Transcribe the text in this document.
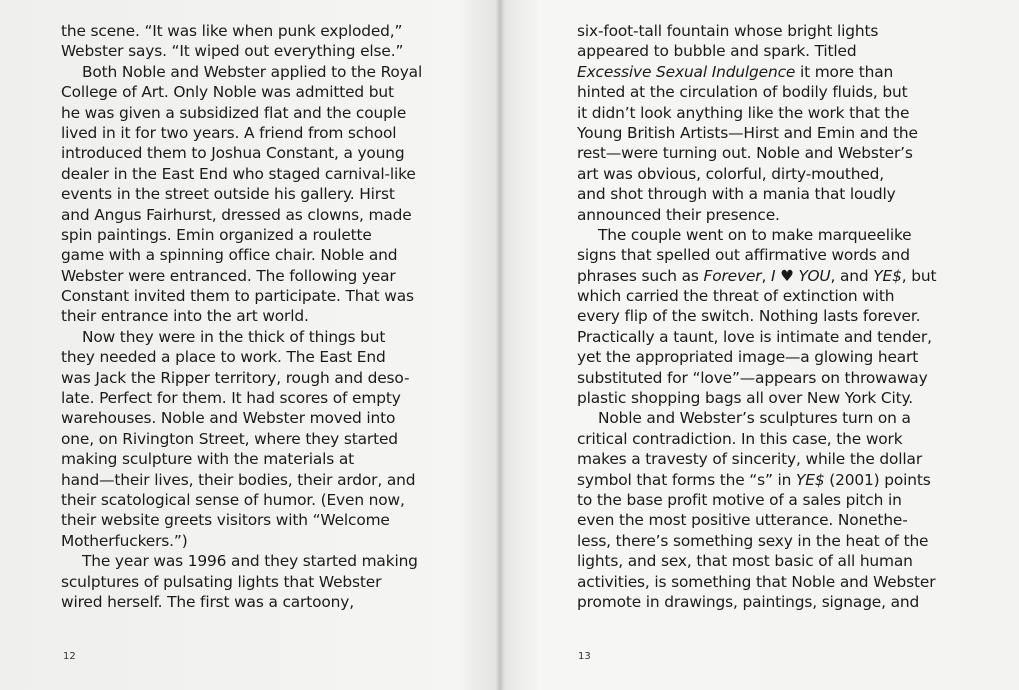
the scene. “It was like when punk exploded,”
Webster says. “It wiped out everything else.”
Both Noble and Webster applied to the Royal
College of Art. Only Noble was admitted but
he was given a subsidized flat and the couple
lived in it for two years. A friend from school
introduced them to Joshua Constant, a young
dealer in the East End who staged carnival-like
events in the street outside his gallery. Hirst
and Angus Fairhurst, dressed as clowns, made
spin paintings. Emin organized a roulette
game with a spinning office chair. Noble and
Webster were entranced. The following year
Constant invited them to participate. That was
their entrance into the art world.
Now they were in the thick of things but
they needed a place to work. The East End
was Jack the Ripper territory, rough and deso-
late. Perfect for them. It had scores of empty
warehouses. Noble and Webster moved into
one, on Rivington Street, where they started
making sculpture with the materials at
hand—their lives, their bodies, their ardor, and
their scatological sense of humor. (Even now,
their website greets visitors with “Welcome
Motherfuckers.”)
The year was 1996 and they started making
sculptures of pulsating lights that Webster
wired herself. The first was a cartoony,
12
six-foot-tall fountain whose bright lights
appeared to bubble and spark. Titled
Excessive Sexual Indulgence it more than
hinted at the circulation of bodily fluids, but
it didn’t look anything like the work that the
Young British Artists—Hirst and Emin and the
rest—were turning out. Noble and Webster’s
art was obvious, colorful, dirty-mouthed,
and shot through with a mania that loudly
announced their presence.
The couple went on to make marqueelike
signs that spelled out affirmative words and
phrases such as Forever, I ♥ YOU, and YE$, but
which carried the threat of extinction with
every flip of the switch. Nothing lasts forever.
Practically a taunt, love is intimate and tender,
yet the appropriated image—a glowing heart
substituted for “love”—appears on throwaway
plastic shopping bags all over New York City.
Noble and Webster’s sculptures turn on a
critical contradiction. In this case, the work
makes a travesty of sincerity, while the dollar
symbol that forms the “s” in YE$ (2001) points
to the base profit motive of a sales pitch in
even the most positive utterance. Nonethe-
less, there’s something sexy in the heat of the
lights, and sex, that most basic of all human
activities, is something that Noble and Webster
promote in drawings, paintings, signage, and
13
